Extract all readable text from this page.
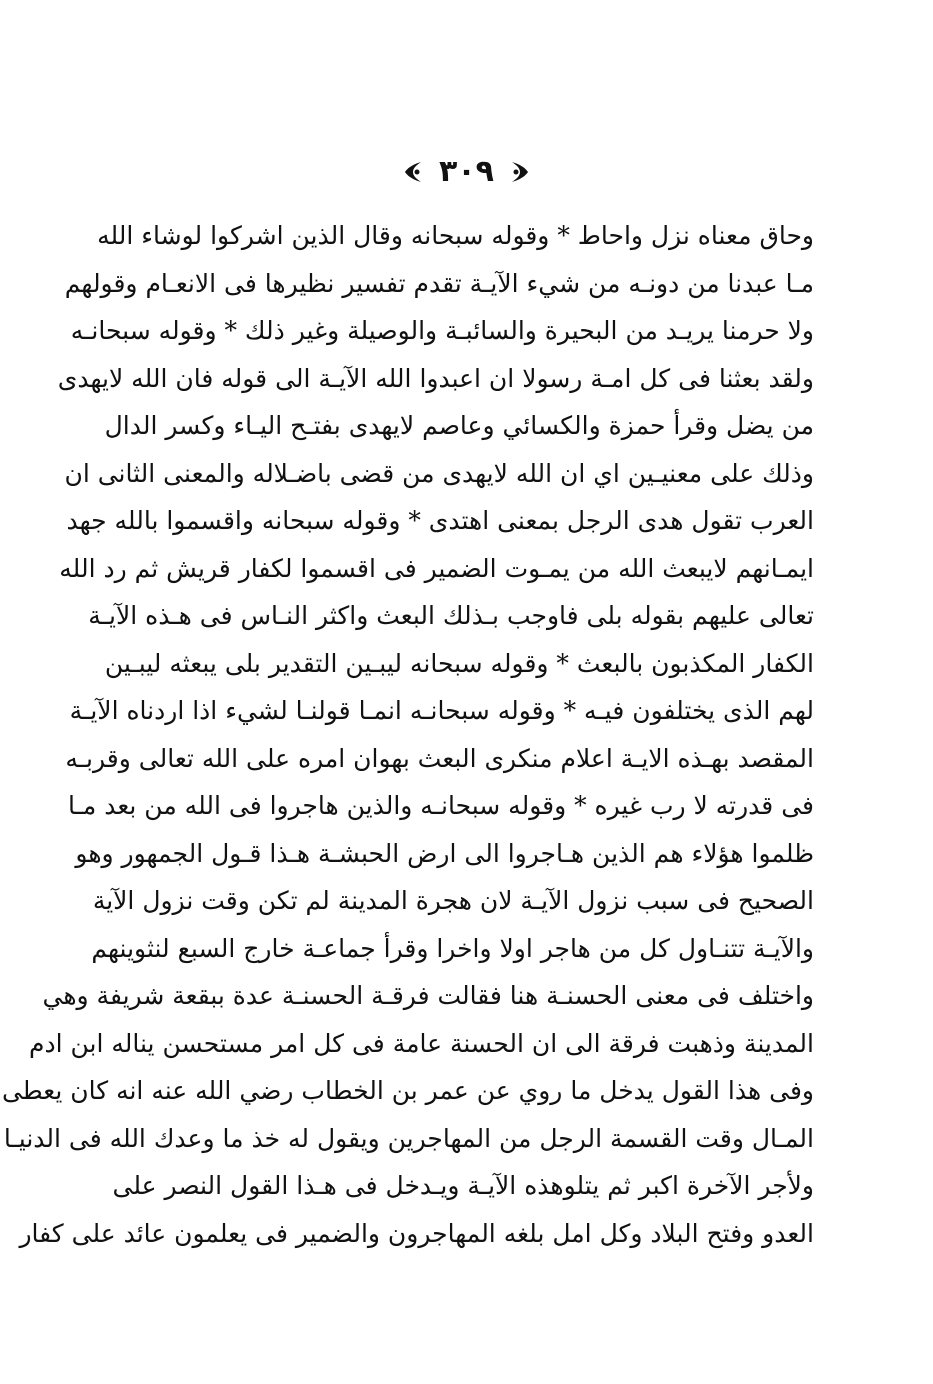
٣٠٩
وحاق معناه نزل واحاط * وقوله سبحانه وقال الذين اشركوا لوشاء الله
مـا عبدنا من دونـه من شيء الآيـة تقدم تفسير نظيرها فى الانعـام وقولهم
ولا حرمنا يريـد من البحيرة والسائبـة والوصيلة وغير ذلك * وقوله سبحانـه
ولقد بعثنا فى كل امـة رسولا ان اعبدوا الله الآيـة الى قوله فان الله لايهدى
من يضل وقرأ حمزة والكسائي وعاصم لايهدى بفتـح اليـاء وكسر الدال
وذلك على معنيـين اي ان الله لايهدى من قضى باضـلاله والمعنى الثانى ان
العرب تقول هدى الرجل بمعنى اهتدى * وقوله سبحانه واقسموا بالله جهد
ايمـانهم لايبعث الله من يمـوت الضمير فى اقسموا لكفار قريش ثم رد الله
تعالى عليهم بقوله بلى فاوجب بـذلك البعث واكثر النـاس فى هـذه الآيـة
الكفار المكذبون بالبعث * وقوله سبحانه ليبـين التقدير بلى يبعثه ليبـين
لهم الذى يختلفون فيـه * وقوله سبحانـه انمـا قولنـا لشيء اذا اردناه الآيـة
المقصد بهـذه الايـة اعلام منكرى البعث بهوان امره على الله تعالى وقربـه
فى قدرته لا رب غيره * وقوله سبحانـه والذين هاجروا فى الله من بعد مـا
ظلموا هؤلاء هم الذين هـاجروا الى ارض الحبشـة هـذا قـول الجمهور وهو
الصحيح فى سبب نزول الآيـة لان هجرة المدينة لم تكن وقت نزول الآية
والآيـة تتنـاول كل من هاجر اولا واخرا وقرأ جماعـة خارج السبع لنثوينهم
واختلف فى معنى الحسنـة هنا فقالت فرقـة الحسنـة عدة ببقعة شريفة وهي
المدينة وذهبت فرقة الى ان الحسنة عامة فى كل امر مستحسن يناله ابن ادم
وفى هذا القول يدخل ما روي عن عمر بن الخطاب رضي الله عنه انه كان يعطى
المـال وقت القسمة الرجل من المهاجرين ويقول له خذ ما وعدك الله فى الدنيـا
ولأجر الآخرة اكبر ثم يتلوهذه الآيـة ويـدخل فى هـذا القول النصر على
العدو وفتح البلاد وكل امل بلغه المهاجرون والضمير فى يعلمون عائد على كفار
